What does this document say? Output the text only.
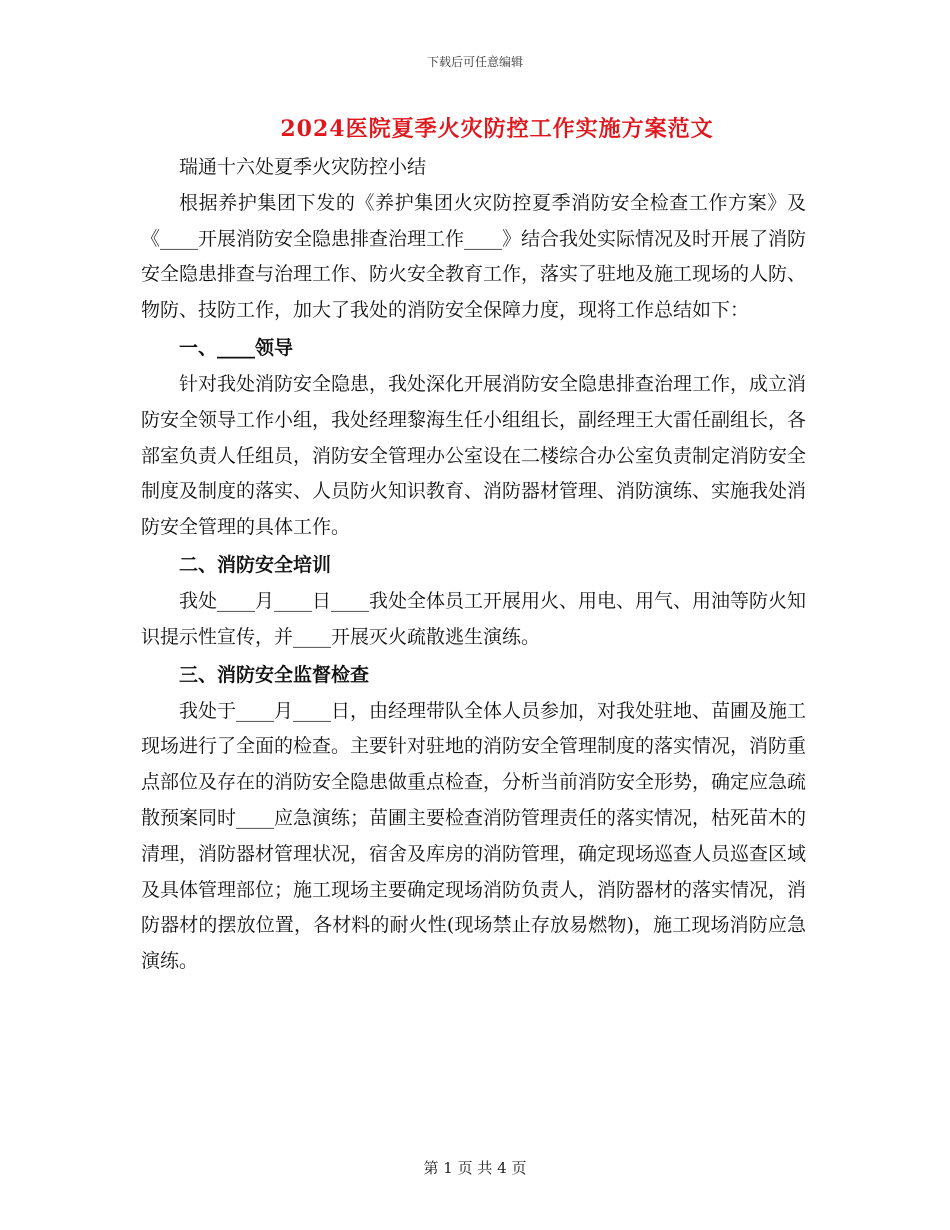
下载后可任意编辑
2024医院夏季火灾防控工作实施方案范文

瑞通十六处夏季火灾防控小结

根据养护集团下发的《养护集团火灾防控夏季消防安全检查工作方案》及《____开展消防安全隐患排查治理工作____》结合我处实际情况及时开展了消防安全隐患排查与治理工作、防火安全教育工作，落实了驻地及施工现场的人防、物防、技防工作，加大了我处的消防安全保障力度，现将工作总结如下：

一、____领导

针对我处消防安全隐患，我处深化开展消防安全隐患排查治理工作，成立消防安全领导工作小组，我处经理黎海生任小组组长，副经理王大雷任副组长，各部室负责人任组员，消防安全管理办公室设在二楼综合办公室负责制定消防安全制度及制度的落实、人员防火知识教育、消防器材管理、消防演练、实施我处消防安全管理的具体工作。

二、消防安全培训

我处____月____日____我处全体员工开展用火、用电、用气、用油等防火知识提示性宣传，并____开展灭火疏散逃生演练。

三、消防安全监督检查

我处于____月____日，由经理带队全体人员参加，对我处驻地、苗圃及施工现场进行了全面的检查。主要针对驻地的消防安全管理制度的落实情况，消防重点部位及存在的消防安全隐患做重点检查，分析当前消防安全形势，确定应急疏散预案同时____应急演练；苗圃主要检查消防管理责任的落实情况，枯死苗木的清理，消防器材管理状况，宿舍及库房的消防管理，确定现场巡查人员巡查区域及具体管理部位；施工现场主要确定现场消防负责人，消防器材的落实情况，消防器材的摆放位置，各材料的耐火性(现场禁止存放易燃物)，施工现场消防应急演练。

第 1 页 共 4 页
